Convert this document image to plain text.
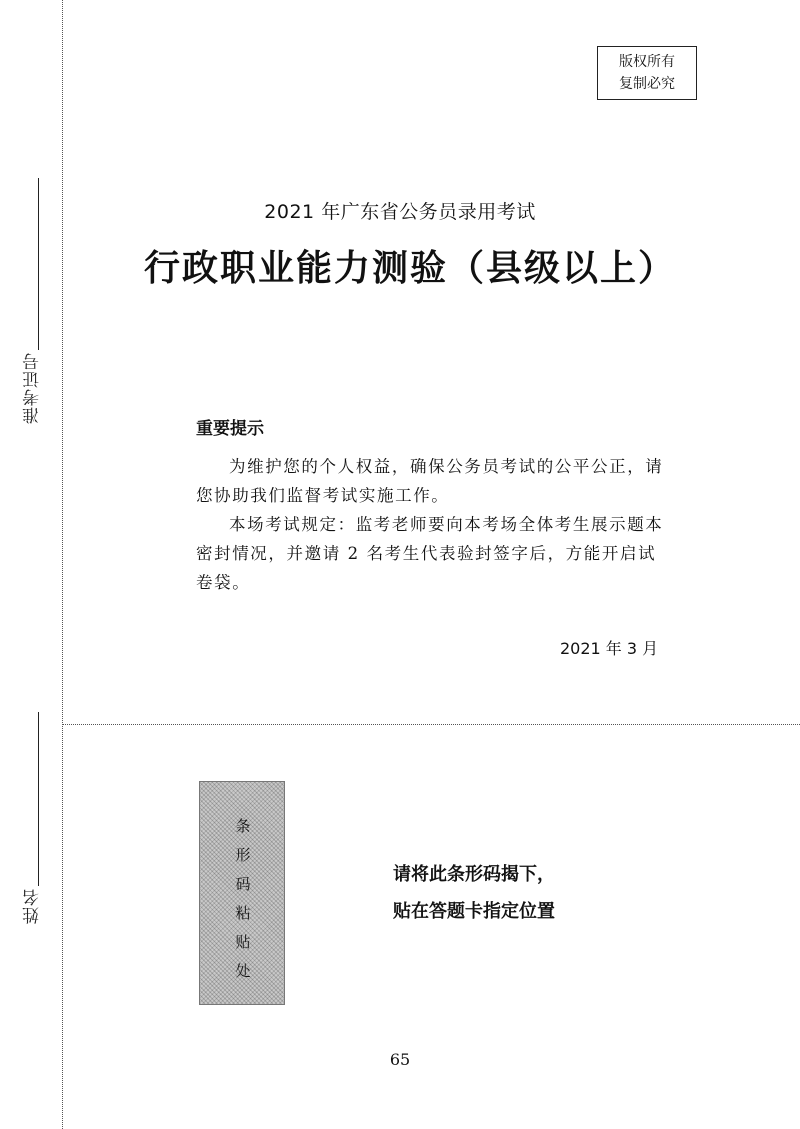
准考证号
姓名
版权所有
复制必究
2021 年广东省公务员录用考试
行政职业能力测验（县级以上）
重要提示

为维护您的个人权益，确保公务员考试的公平公正，请您协助我们监督考试实施工作。

本场考试规定：监考老师要向本考场全体考生展示题本密封情况，并邀请 2 名考生代表验封签字后，方能开启试卷袋。

2021 年 3 月
条
形
码
粘
贴
处
请将此条形码揭下，
贴在答题卡指定位置
65
